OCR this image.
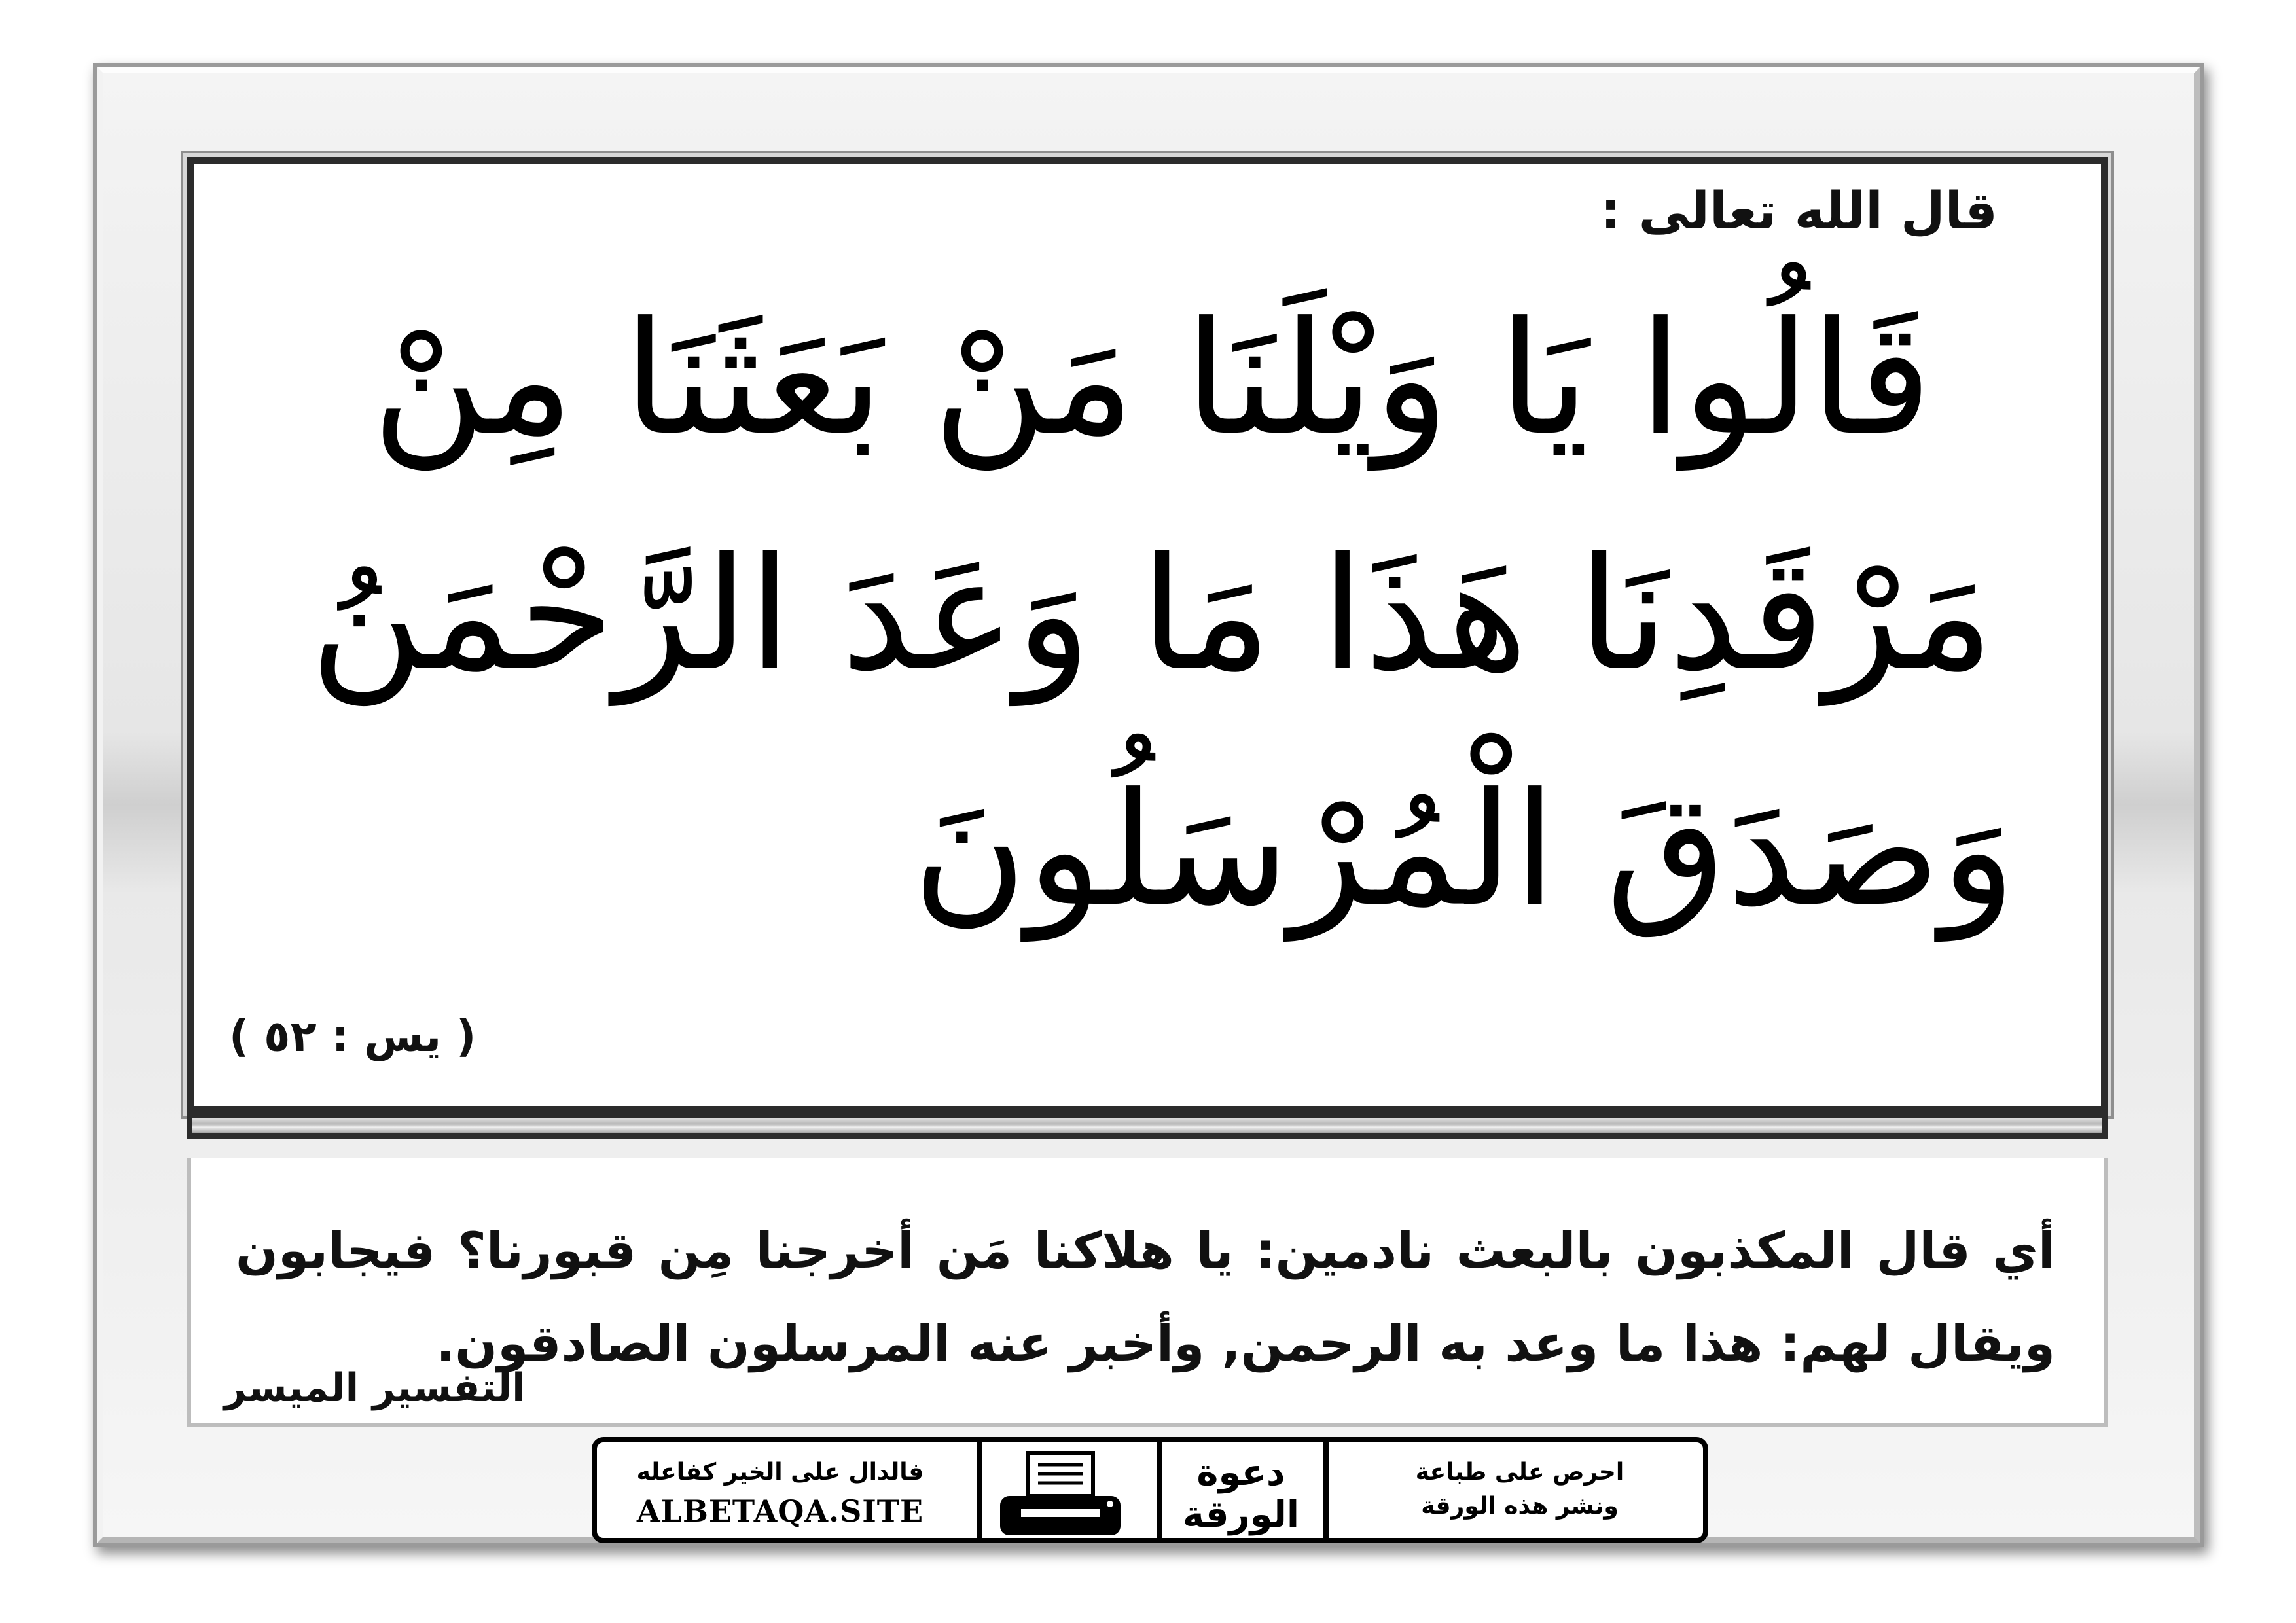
قال الله تعالى :
قَالُوا يَا وَيْلَنَا مَنْ بَعَثَنَا مِنْ
مَرْقَدِنَا هَذَا مَا وَعَدَ الرَّحْمَنُ
وَصَدَقَ الْمُرْسَلُونَ
( يس : ٥٢ )
أي قال المكذبون بالبعث نادمين: يا هلاكنا مَن أخرجنا مِن قبورنا؟ فيجابون ويقال لهم: هذا ما وعد به الرحمن, وأخبر عنه المرسلون الصادقون.
التفسير الميسر
فالدال على الخير كفاعله
ALBETAQA.SITE
دعوة
الورقة
احرص على طباعة
ونشر هذه الورقة
